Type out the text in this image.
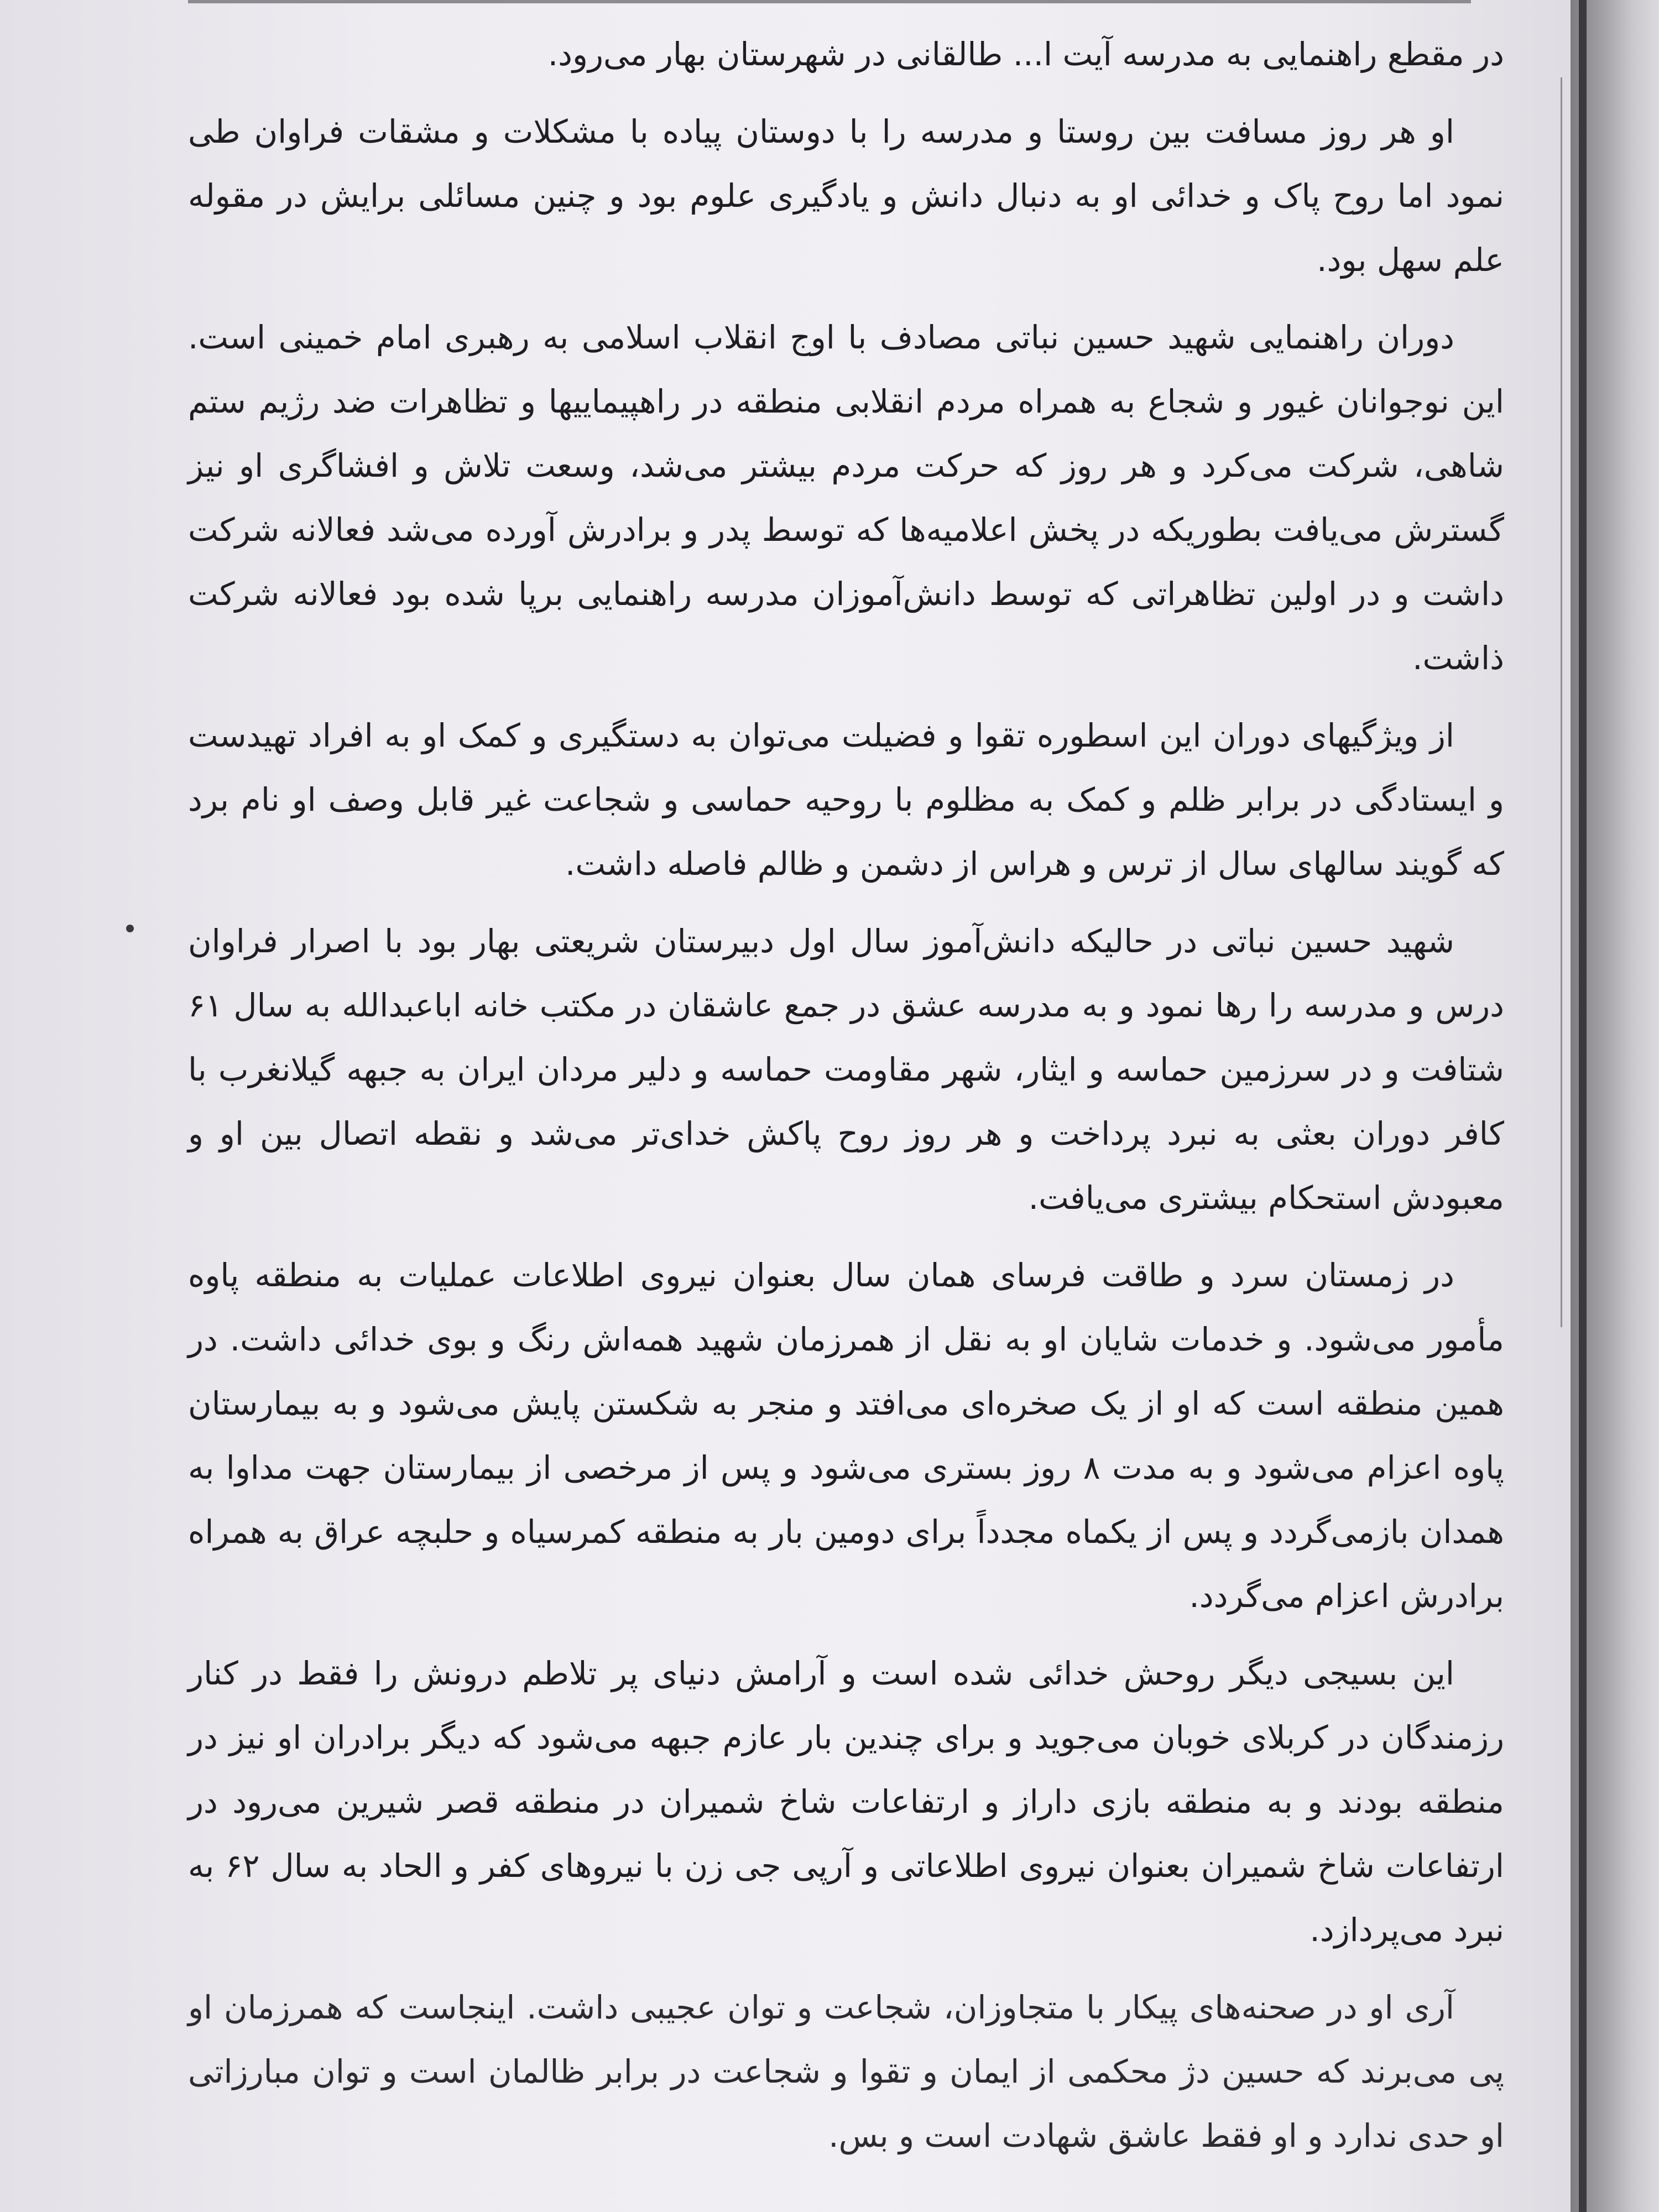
در مقطع راهنمایی به مدرسه آیت ا... طالقانی در شهرستان بهار می‌رود.

او هر روز مسافت بین روستا و مدرسه را با دوستان پیاده با مشکلات و مشقات فراوان طی نمود اما روح پاک و خدائی او به دنبال دانش و یادگیری علوم بود و چنین مسائلی برایش در مقوله علم سهل بود.

دوران راهنمایی شهید حسین نباتی مصادف با اوج انقلاب اسلامی به رهبری امام خمینی است. این نوجوانان غیور و شجاع به همراه مردم انقلابی منطقه در راهپیماییها و تظاهرات ضد رژیم ستم شاهی، شرکت می‌کرد و هر روز که حرکت مردم بیشتر می‌شد، وسعت تلاش و افشاگری او نیز گسترش می‌یافت بطوریکه در پخش اعلامیه‌ها که توسط پدر و برادرش آورده می‌شد فعالانه شرکت داشت و در اولین تظاهراتی که توسط دانش‌آموزان مدرسه راهنمایی برپا شده بود فعالانه شرکت ذاشت.

از ویژگیهای دوران این اسطوره تقوا و فضیلت می‌توان به دستگیری و کمک او به افراد تهیدست و ایستادگی در برابر ظلم و کمک به مظلوم با روحیه حماسی و شجاعت غیر قابل وصف او نام برد که گویند سالهای سال از ترس و هراس از دشمن و ظالم فاصله داشت.

شهید حسین نباتی در حالیکه دانش‌آموز سال اول دبیرستان شریعتی بهار بود با اصرار فراوان درس و مدرسه را رها نمود و به مدرسه عشق در جمع عاشقان در مکتب خانه اباعبدالله به سال ۶۱ شتافت و در سرزمین حماسه و ایثار، شهر مقاومت حماسه و دلیر مردان ایران به جبهه گیلانغرب با کافر دوران بعثی به نبرد پرداخت و هر روز روح پاکش خدای‌تر می‌شد و نقطه اتصال بین او و معبودش استحکام بیشتری می‌یافت.

در زمستان سرد و طاقت فرسای همان سال بعنوان نیروی اطلاعات عملیات به منطقه پاوه مأمور می‌شود. و خدمات شایان او به نقل از همرزمان شهید همه‌اش رنگ و بوی خدائی داشت. در همین منطقه است که او از یک صخره‌ای می‌افتد و منجر به شکستن پایش می‌شود و به بیمارستان پاوه اعزام می‌شود و به مدت ۸ روز بستری می‌شود و پس از مرخصی از بیمارستان جهت مداوا به همدان بازمی‌گردد و پس از یکماه مجدداً برای دومین بار به منطقه کمرسیاه و حلبچه عراق به همراه برادرش اعزام می‌گردد.

این بسیجی دیگر روحش خدائی شده است و آرامش دنیای پر تلاطم درونش را فقط در کنار رزمندگان در کربلای خوبان می‌جوید و برای چندین بار عازم جبهه می‌شود که دیگر برادران او نیز در منطقه بودند و به منطقه بازی داراز و ارتفاعات شاخ شمیران در منطقه قصر شیرین می‌رود در ارتفاعات شاخ شمیران بعنوان نیروی اطلاعاتی و آرپی جی زن با نیروهای کفر و الحاد به سال ۶۲ به نبرد می‌پردازد.

آری او در صحنه‌های پیکار با متجاوزان، شجاعت و توان عجیبی داشت. اینجاست که همرزمان او پی می‌برند که حسین دژ محکمی از ایمان و تقوا و شجاعت در برابر ظالمان است و توان مبارزاتی او حدی ندارد و او فقط عاشق شهادت است و بس.
